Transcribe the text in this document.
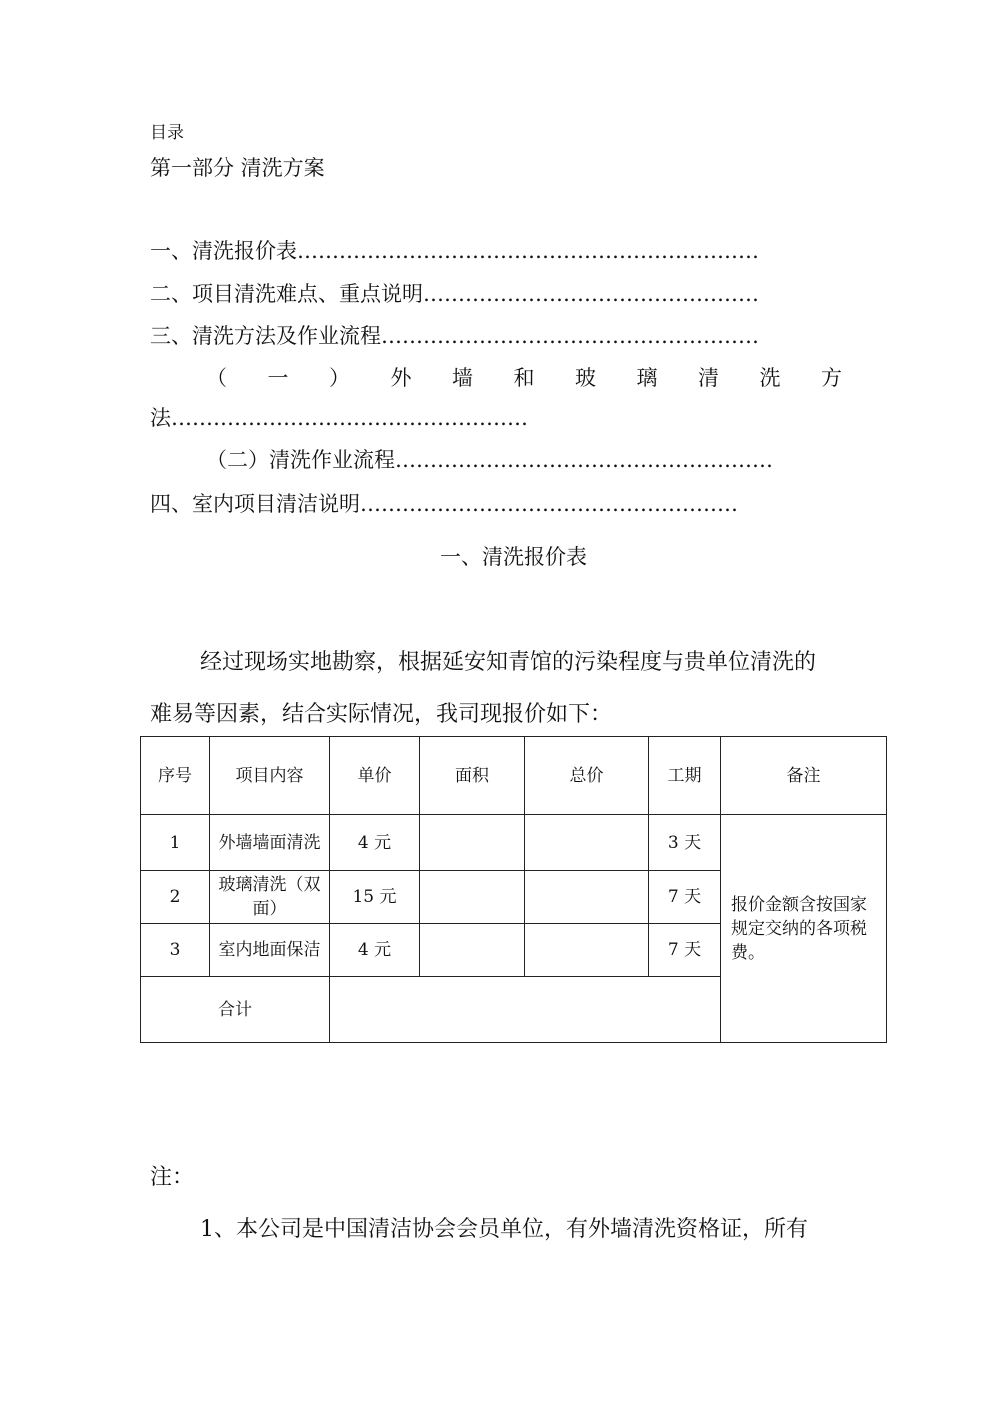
目录
第一部分 清洗方案
一、清洗报价表…………………………………………………………
二、项目清洗难点、重点说明…………………………………………
三、清洗方法及作业流程………………………………………………
（ 一 ） 外 墙 和 玻 璃 清 洗 方
法……………………………………………
（二）清洗作业流程………………………………………………
四、室内项目清洁说明………………………………………………
一、清洗报价表
经过现场实地勘察，根据延安知青馆的污染程度与贵单位清洗的
难易等因素，结合实际情况，我司现报价如下：
序号	项目内容	单价	面积	总价	工期	备注
1	外墙墙面清洗	4 元			3 天	报价金额含按国家规定交纳的各项税费。
2	玻璃清洗（双面）	15 元			7 天	
3	室内地面保洁	4 元			7 天	
合计						
注：
1、本公司是中国清洁协会会员单位，有外墙清洗资格证，所有
